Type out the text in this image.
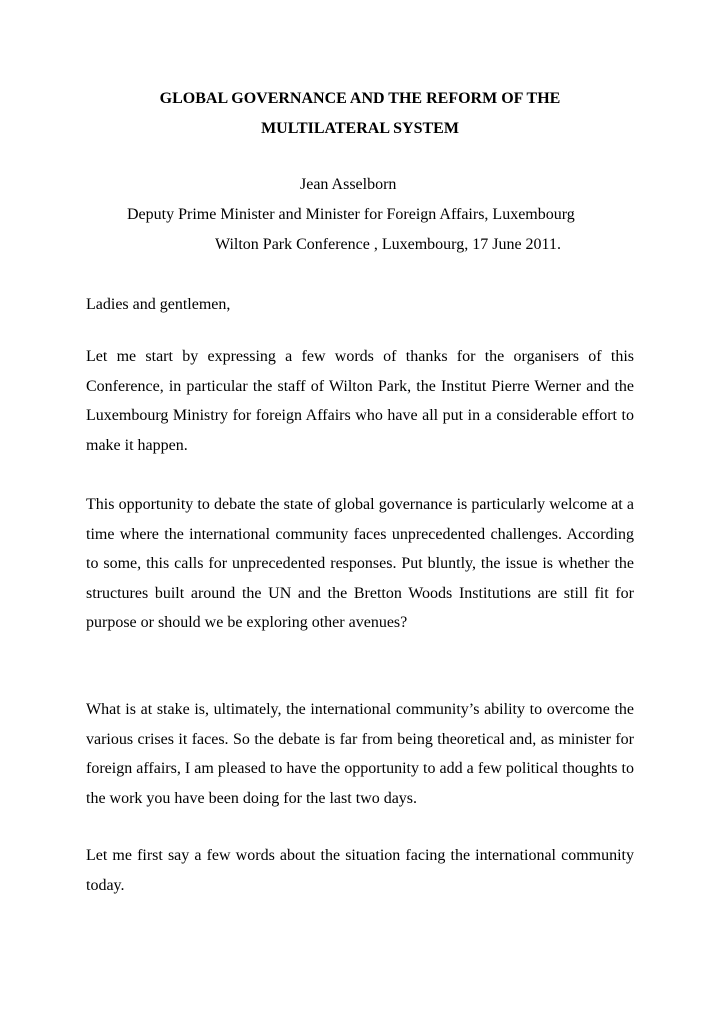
GLOBAL GOVERNANCE AND THE REFORM OF THE
MULTILATERAL SYSTEM
Jean Asselborn
Deputy Prime Minister and Minister for Foreign Affairs, Luxembourg
Wilton Park Conference , Luxembourg, 17 June 2011.
Ladies and gentlemen,

Let me start by expressing a few words of thanks for the organisers of this Conference, in particular the staff of Wilton Park, the Institut Pierre Werner and the Luxembourg Ministry for foreign Affairs who have all put in a considerable effort to make it happen.

This opportunity to debate the state of global governance is particularly welcome at a time where the international community faces unprecedented challenges. According to some, this calls for unprecedented responses. Put bluntly, the issue is whether the structures built around the UN and the Bretton Woods Institutions are still fit for purpose or should we be exploring other avenues?

What is at stake is, ultimately, the international community’s ability to overcome the various crises it faces. So the debate is far from being theoretical and, as minister for foreign affairs, I am pleased to have the opportunity to add a few political thoughts to the work you have been doing for the last two days.

Let me first say a few words about the situation facing the international community today.
